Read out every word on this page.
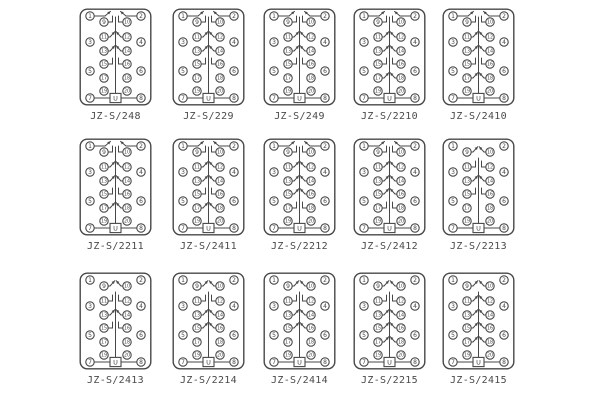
U
1	2
3	4
5	6
7	8
9	10
11	12
13	14
15	16
17	18
19	20
JZ-S/248
U
1	2
3	4
5	6
7	8
9	10
11	12
13	14
15	16
17	18
19	20
JZ-S/229
U
1	2
3	4
5	6
7	8
9	10
11	12
13	14
15	16
17	18
19	20
JZ-S/249
U
1	2
3	4
5	6
7	8
9	10
11	12
13	14
15	16
17	18
19	20
JZ-S/2210
U
1	2
3	4
5	6
7	8
9	10
11	12
13	14
15	16
17	18
19	20
JZ-S/2410
U
1	2
3	4
5	6
7	8
9	10
11	12
13	14
15	16
17	18
19	20
JZ-S/2211
U
1	2
3	4
5	6
7	8
9	10
11	12
13	14
15	16
17	18
19	20
JZ-S/2411
U
1	2
3	4
5	6
7	8
9	10
11	12
13	14
15	16
17	18
19	20
JZ-S/2212
U
1	2
3	4
5	6
7	8
9	10
11	12
13	14
15	16
17	18
19	20
JZ-S/2412
U
1	2
3	4
5	6
7	8
9	10
11	12
13	14
15	16
17	18
19	20
JZ-S/2213
U
1	2
3	4
5	6
7	8
9	10
11	12
13	14
15	16
17	18
19	20
JZ-S/2413
U
1	2
3	4
5	6
7	8
9	10
11	12
13	14
15	16
17	18
19	20
JZ-S/2214
U
1	2
3	4
5	6
7	8
9	10
11	12
13	14
15	16
17	18
19	20
JZ-S/2414
U
1	2
3	4
5	6
7	8
9	10
11	12
13	14
15	16
17	18
19	20
JZ-S/2215
U
1	2
3	4
5	6
7	8
9	10
11	12
13	14
15	16
17	18
19	20
JZ-S/2415
